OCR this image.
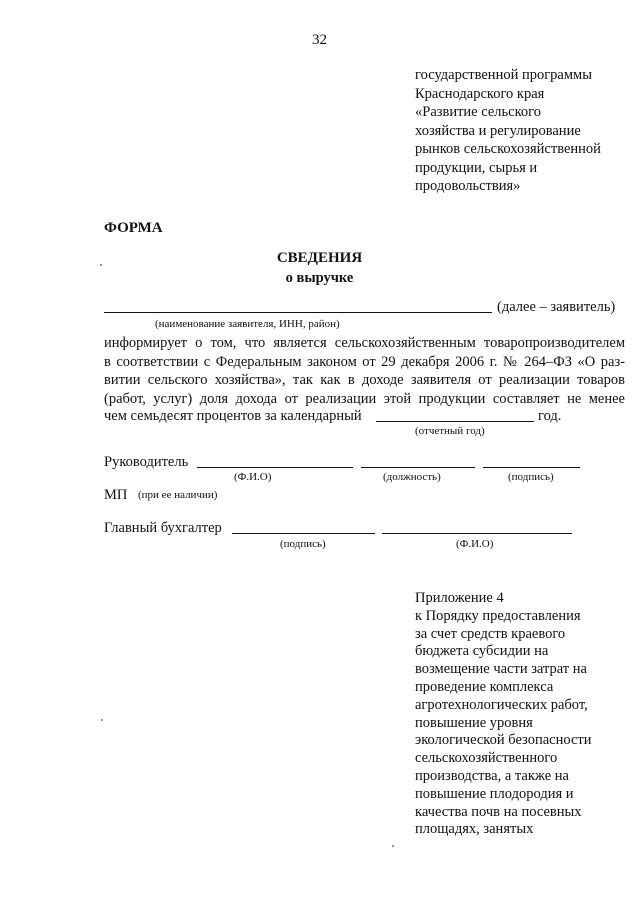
32
государственной программы
Краснодарского края
«Развитие сельского
хозяйства и регулирование
рынков сельскохозяйственной
продукции, сырья и
продовольствия»
ФОРМА
СВЕДЕНИЯ
о выручке
(далее – заявитель)
(наименование заявителя, ИНН, район)
информирует о том, что является сельскохозяйственным товаропроизводителем
в соответствии с Федеральным законом от 29 декабря 2006 г. № 264–ФЗ «О раз-
витии сельского хозяйства», так как в доходе заявителя от реализации товаров
(работ, услуг) доля дохода от реализации этой продукции составляет не менее
чем семьдесят процентов за календарный	год.
(отчетный год)
Руководитель
(Ф.И.О)	(должность)	(подпись)
МП (при ее наличии)
Главный бухгалтер
(подпись)	(Ф.И.О)
Приложение 4
к Порядку предоставления
за счет средств краевого
бюджета субсидии на
возмещение части затрат на
проведение комплекса
агротехнологических работ,
повышение уровня
экологической безопасности
сельскохозяйственного
производства, а также на
повышение плодородия и
качества почв на посевных
площадях, занятых
